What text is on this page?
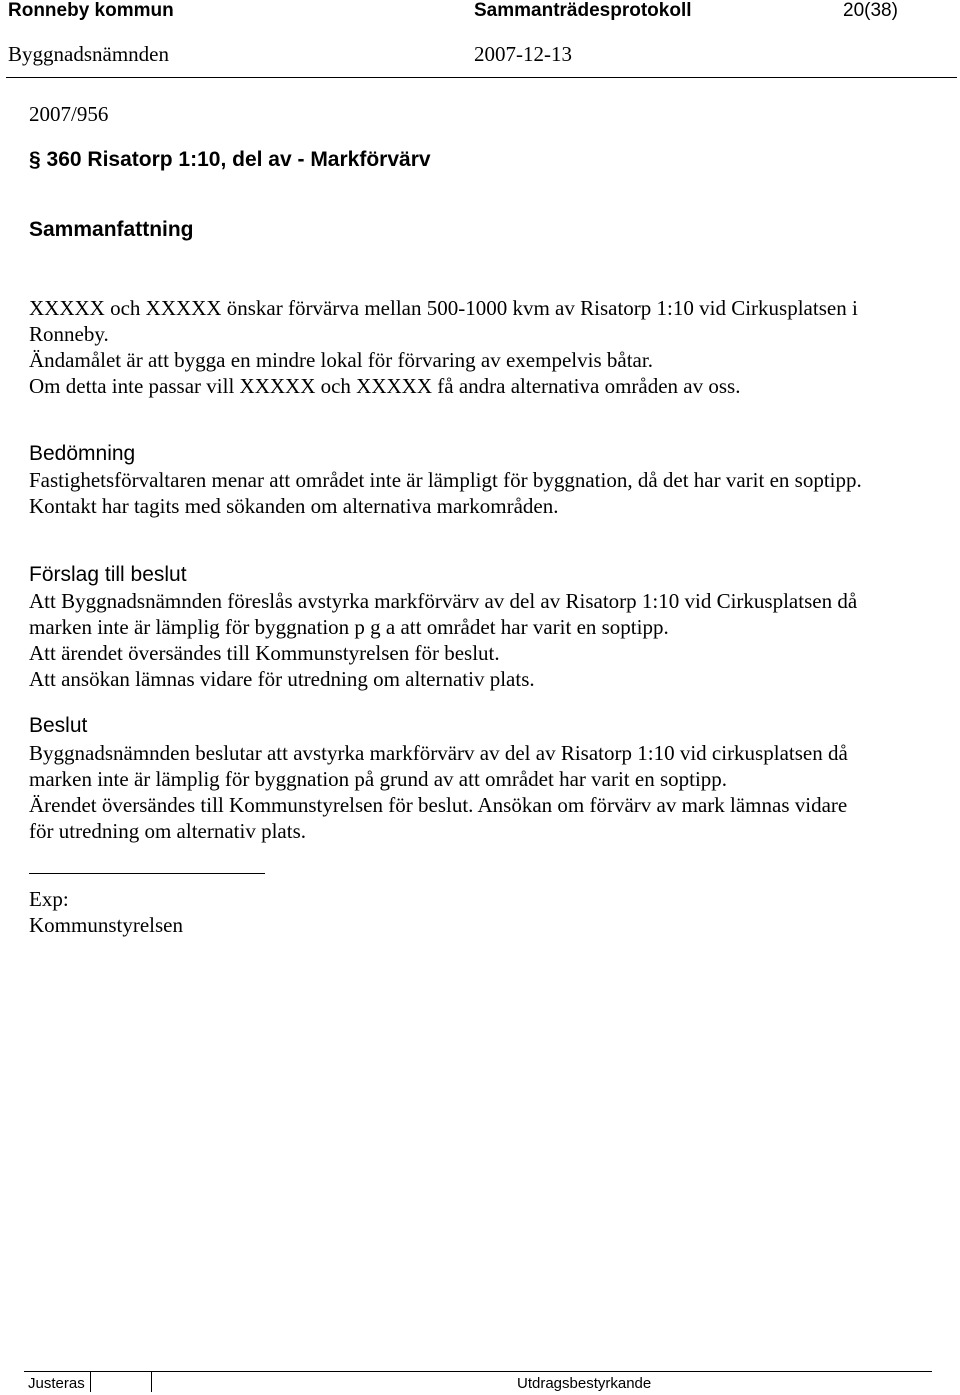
Ronneby kommun	Sammanträdesprotokoll	20(38)
Byggnadsnämnden	2007-12-13
2007/956
§ 360 Risatorp 1:10, del av - Markförvärv
Sammanfattning
XXXXX och XXXXX önskar förvärva mellan 500-1000 kvm av Risatorp 1:10 vid Cirkusplatsen i
Ronneby.
Ändamålet är att bygga en mindre lokal för förvaring av exempelvis båtar.
Om detta inte passar vill XXXXX och XXXXX få andra alternativa områden av oss.
Bedömning
Fastighetsförvaltaren menar att området inte är lämpligt för byggnation, då det har varit en soptipp.
Kontakt har tagits med sökanden om alternativa markområden.
Förslag till beslut
Att Byggnadsnämnden föreslås avstyrka markförvärv av del av Risatorp 1:10 vid Cirkusplatsen då
marken inte är lämplig för byggnation p g a att området har varit en soptipp.
Att ärendet översändes till Kommunstyrelsen för beslut.
Att ansökan lämnas vidare för utredning om alternativ plats.
Beslut
Byggnadsnämnden beslutar att avstyrka markförvärv av del av Risatorp 1:10 vid cirkusplatsen då
marken inte är lämplig för byggnation på grund av att området har varit en soptipp.
Ärendet översändes till Kommunstyrelsen för beslut. Ansökan om förvärv av mark lämnas vidare
för utredning om alternativ plats.
Exp:
Kommunstyrelsen
Justeras	Utdragsbestyrkande
